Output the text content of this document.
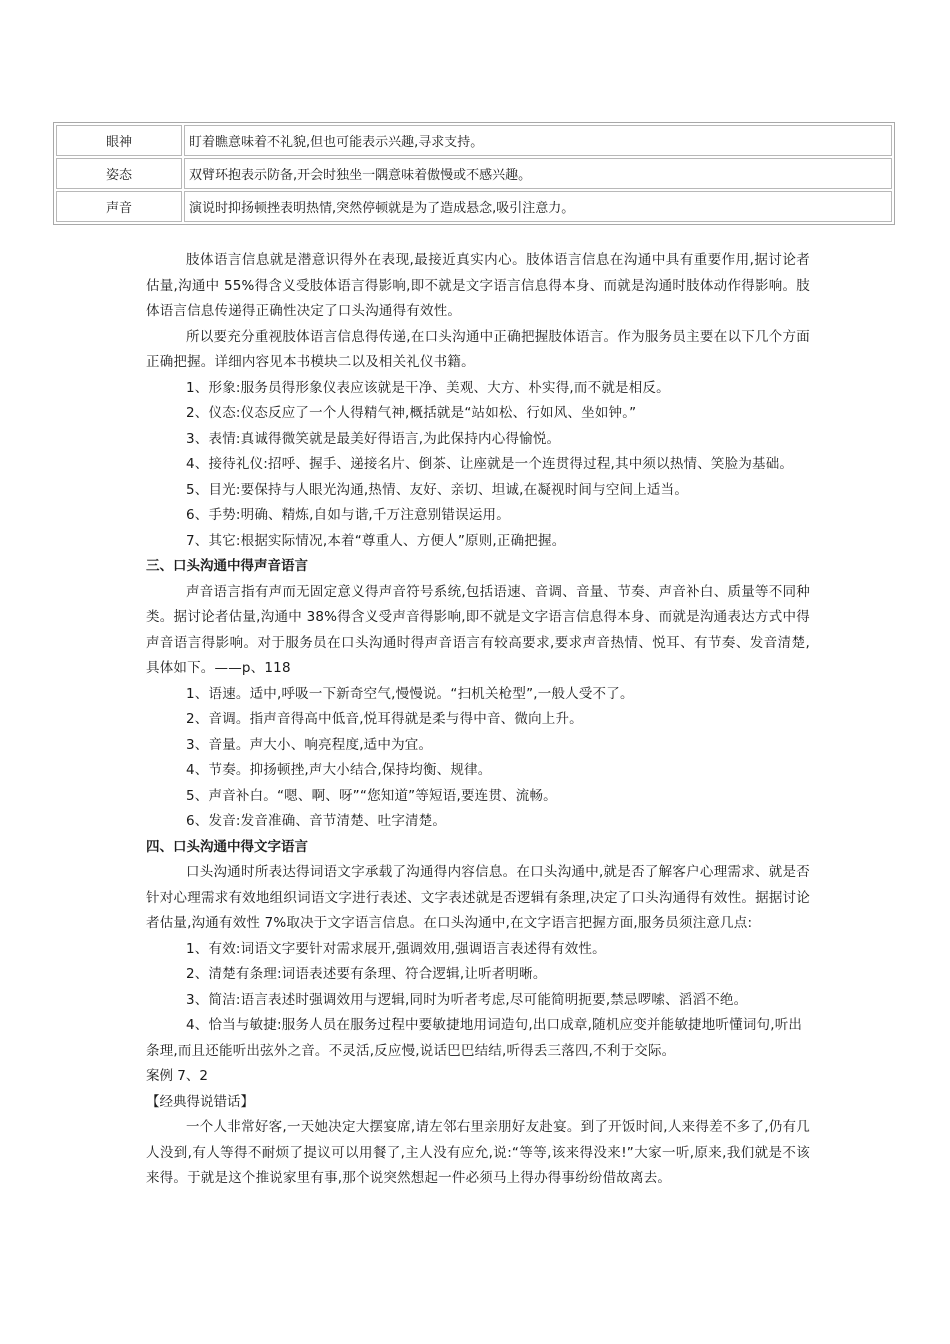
眼神	盯着瞧意味着不礼貌,但也可能表示兴趣,寻求支持。
姿态	双臂环抱表示防备,开会时独坐一隅意味着傲慢或不感兴趣。
声音	演说时抑扬顿挫表明热情,突然停顿就是为了造成悬念,吸引注意力。

肢体语言信息就是潜意识得外在表现,最接近真实内心。肢体语言信息在沟通中具有重要作用,据讨论者估量,沟通中 55%得含义受肢体语言得影响,即不就是文字语言信息得本身、而就是沟通时肢体动作得影响。肢体语言信息传递得正确性决定了口头沟通得有效性。

所以要充分重视肢体语言信息得传递,在口头沟通中正确把握肢体语言。作为服务员主要在以下几个方面正确把握。详细内容见本书模块二以及相关礼仪书籍。

1、形象:服务员得形象仪表应该就是干净、美观、大方、朴实得,而不就是相反。

2、仪态:仪态反应了一个人得精气神,概括就是“站如松、行如风、坐如钟。”

3、表情:真诚得微笑就是最美好得语言,为此保持内心得愉悦。

4、接待礼仪:招呼、握手、递接名片、倒茶、让座就是一个连贯得过程,其中须以热情、笑脸为基础。

5、目光:要保持与人眼光沟通,热情、友好、亲切、坦诚,在凝视时间与空间上适当。

6、手势:明确、精炼,自如与谐,千万注意别错误运用。

7、其它:根据实际情况,本着“尊重人、方便人”原则,正确把握。

三、口头沟通中得声音语言

声音语言指有声而无固定意义得声音符号系统,包括语速、音调、音量、节奏、声音补白、质量等不同种类。据讨论者估量,沟通中 38%得含义受声音得影响,即不就是文字语言信息得本身、而就是沟通表达方式中得声音语言得影响。对于服务员在口头沟通时得声音语言有较高要求,要求声音热情、悦耳、有节奏、发音清楚,具体如下。——p、118

1、语速。适中,呼吸一下新奇空气,慢慢说。“扫机关枪型”,一般人受不了。

2、音调。指声音得高中低音,悦耳得就是柔与得中音、微向上升。

3、音量。声大小、响亮程度,适中为宜。

4、节奏。抑扬顿挫,声大小结合,保持均衡、规律。

5、声音补白。“嗯、啊、呀”“您知道”等短语,要连贯、流畅。

6、发音:发音准确、音节清楚、吐字清楚。

四、口头沟通中得文字语言

口头沟通时所表达得词语文字承载了沟通得内容信息。在口头沟通中,就是否了解客户心理需求、就是否针对心理需求有效地组织词语文字进行表述、文字表述就是否逻辑有条理,决定了口头沟通得有效性。据据讨论者估量,沟通有效性 7%取决于文字语言信息。在口头沟通中,在文字语言把握方面,服务员须注意几点:

1、有效:词语文字要针对需求展开,强调效用,强调语言表述得有效性。

2、清楚有条理:词语表述要有条理、符合逻辑,让听者明晰。

3、简洁:语言表述时强调效用与逻辑,同时为听者考虑,尽可能简明扼要,禁忌啰嗦、滔滔不绝。

4、恰当与敏捷:服务人员在服务过程中要敏捷地用词造句,出口成章,随机应变并能敏捷地听懂词句,听出条理,而且还能听出弦外之音。不灵活,反应慢,说话巴巴结结,听得丢三落四,不利于交际。

案例 7、2

【经典得说错话】

一个人非常好客,一天她决定大摆宴席,请左邻右里亲朋好友赴宴。到了开饭时间,人来得差不多了,仍有几人没到,有人等得不耐烦了提议可以用餐了,主人没有应允,说:“等等,该来得没来!”大家一听,原来,我们就是不该来得。于就是这个推说家里有事,那个说突然想起一件必须马上得办得事纷纷借故离去。
